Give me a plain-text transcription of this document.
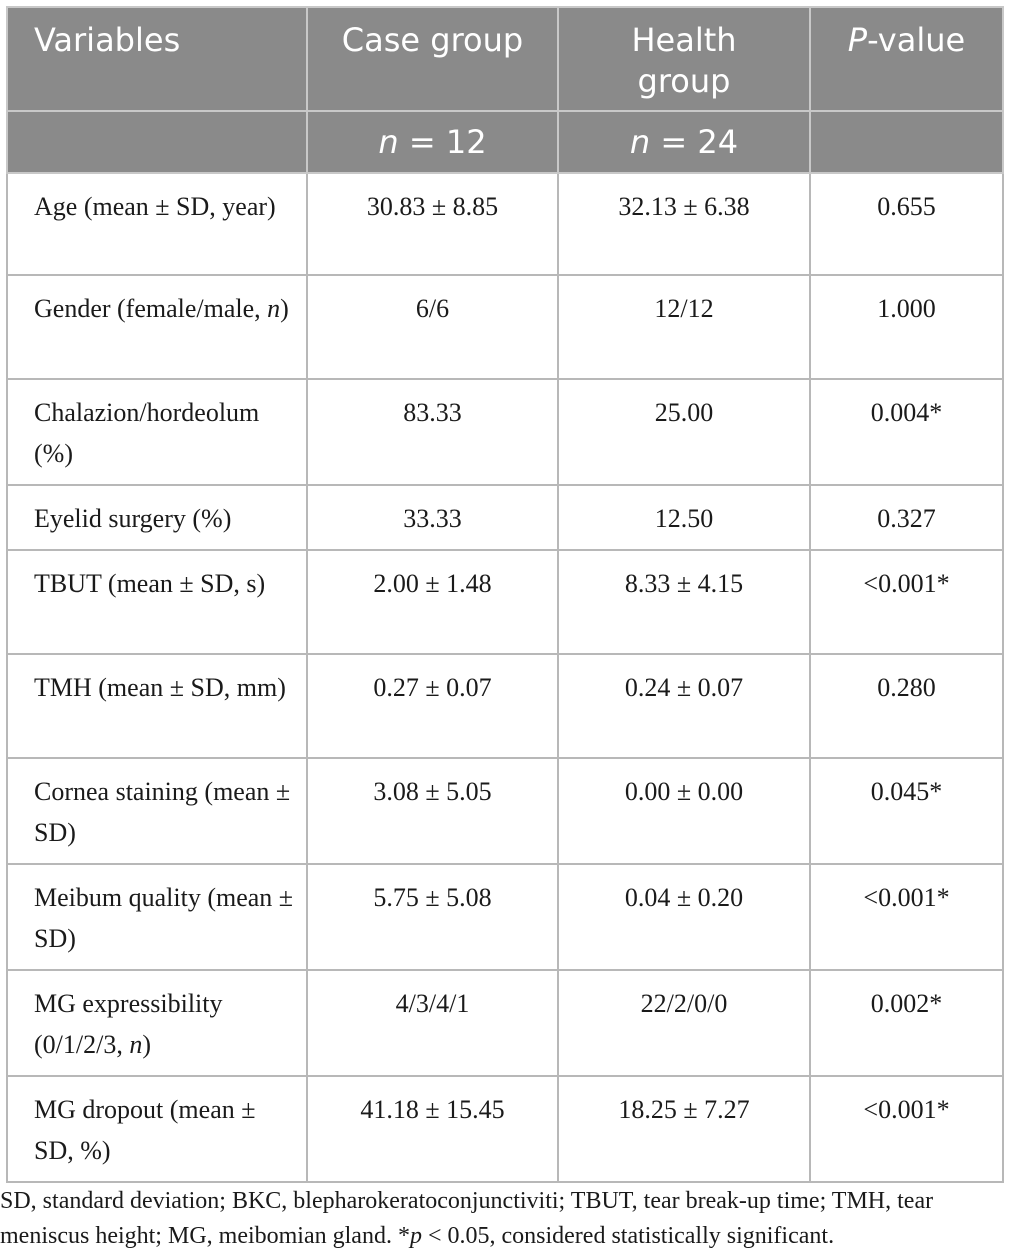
Variables	Case group	Health group	P-value
	n = 12	n = 24	
Age (mean ± SD, year)	30.83 ± 8.85	32.13 ± 6.38	0.655
Gender (female/male, n)	6/6	12/12	1.000
Chalazion/hordeolum (%)	83.33	25.00	0.004*
Eyelid surgery (%)	33.33	12.50	0.327
TBUT (mean ± SD, s)	2.00 ± 1.48	8.33 ± 4.15	<0.001*
TMH (mean ± SD, mm)	0.27 ± 0.07	0.24 ± 0.07	0.280
Cornea staining (mean ± SD)	3.08 ± 5.05	0.00 ± 0.00	0.045*
Meibum quality (mean ± SD)	5.75 ± 5.08	0.04 ± 0.20	<0.001*
MG expressibility (0/1/2/3, n)	4/3/4/1	22/2/0/0	0.002*
MG dropout (mean ± SD, %)	41.18 ± 15.45	18.25 ± 7.27	<0.001*

SD, standard deviation; BKC, blepharokeratoconjunctiviti; TBUT, tear break-up time; TMH, tear meniscus height; MG, meibomian gland. *p < 0.05, considered statistically significant.
